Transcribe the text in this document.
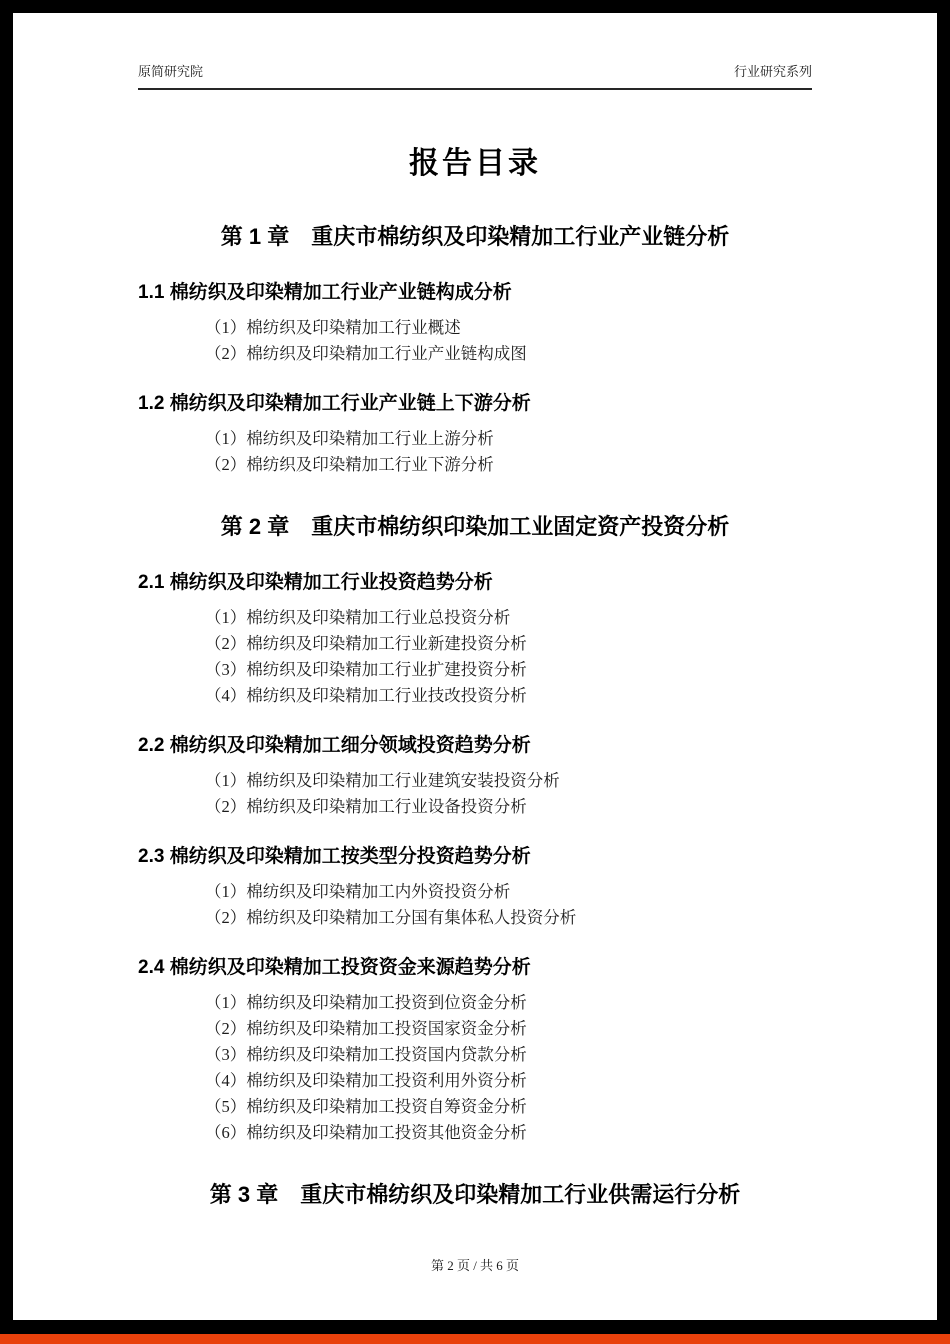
原简研究院	行业研究系列
报告目录
第 1 章　重庆市棉纺织及印染精加工行业产业链分析
1.1 棉纺织及印染精加工行业产业链构成分析

（1）棉纺织及印染精加工行业概述

（2）棉纺织及印染精加工行业产业链构成图

1.2 棉纺织及印染精加工行业产业链上下游分析

（1）棉纺织及印染精加工行业上游分析

（2）棉纺织及印染精加工行业下游分析

第 2 章　重庆市棉纺织印染加工业固定资产投资分析
2.1 棉纺织及印染精加工行业投资趋势分析

（1）棉纺织及印染精加工行业总投资分析

（2）棉纺织及印染精加工行业新建投资分析

（3）棉纺织及印染精加工行业扩建投资分析

（4）棉纺织及印染精加工行业技改投资分析

2.2 棉纺织及印染精加工细分领域投资趋势分析

（1）棉纺织及印染精加工行业建筑安装投资分析

（2）棉纺织及印染精加工行业设备投资分析

2.3 棉纺织及印染精加工按类型分投资趋势分析

（1）棉纺织及印染精加工内外资投资分析

（2）棉纺织及印染精加工分国有集体私人投资分析

2.4 棉纺织及印染精加工投资资金来源趋势分析

（1）棉纺织及印染精加工投资到位资金分析

（2）棉纺织及印染精加工投资国家资金分析

（3）棉纺织及印染精加工投资国内贷款分析

（4）棉纺织及印染精加工投资利用外资分析

（5）棉纺织及印染精加工投资自筹资金分析

（6）棉纺织及印染精加工投资其他资金分析

第 3 章　重庆市棉纺织及印染精加工行业供需运行分析
第 2 页 / 共 6 页
